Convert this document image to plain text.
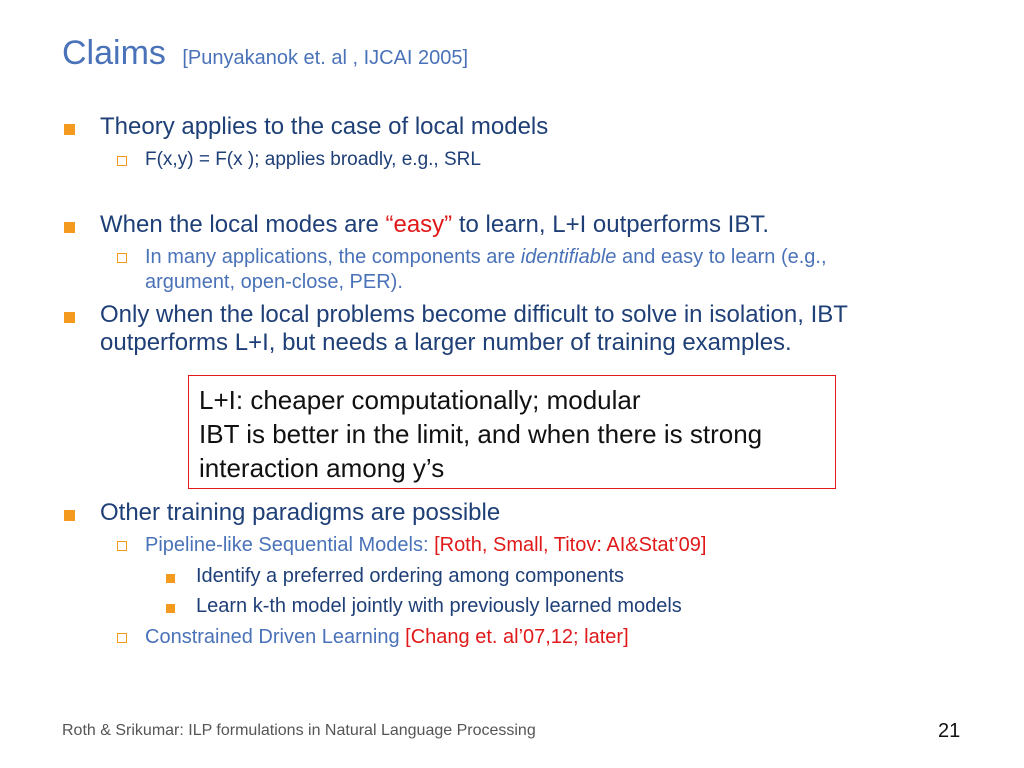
Claims [Punyakanok et. al , IJCAI 2005]
Theory applies to the case of local models
F(x,y) = F(x ); applies broadly, e.g., SRL
When the local modes are “easy” to learn, L+I outperforms IBT.
In many applications, the components are identifiable and easy to learn (e.g.,
argument, open-close, PER).
Only when the local problems become difficult to solve in isolation, IBT
outperforms L+I, but needs a larger number of training examples.
L+I: cheaper computationally; modular
IBT is better in the limit, and when there is strong
interaction among y’s
Other training paradigms are possible
Pipeline-like Sequential Models: [Roth, Small, Titov: AI&Stat’09]
Identify a preferred ordering among components
Learn k-th model jointly with previously learned models
Constrained Driven Learning [Chang et. al’07,12; later]
Roth & Srikumar: ILP formulations in Natural Language Processing	21
